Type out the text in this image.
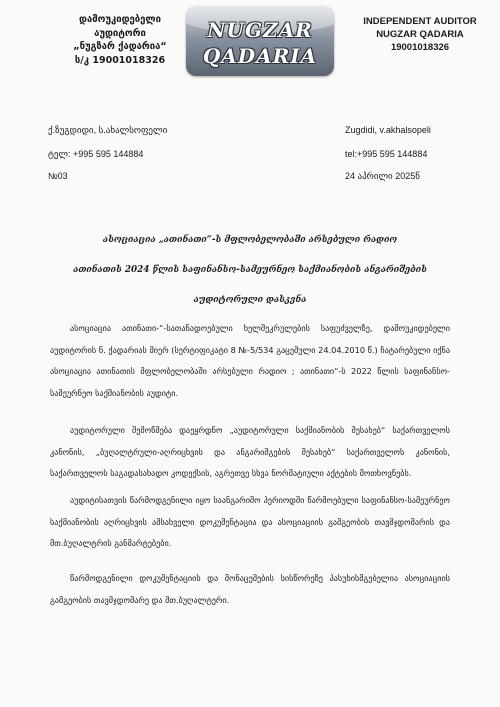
დამოუკიდებელი
აუდიტორი
„ნუგზარ ქადარია“
ს/კ 19001018326
NUGZAR
QADARIA
INDEPENDENT AUDITOR
NUGZAR QADARIA
19001018326
ქ.ზუგდიდი, ს.ახალსოფელი	Zugdidi, v.akhalsopeli
ტელ: +995 595 144884	tel:+995 595 144884
№03	24 აპრილი 2025წ
ასოციაცია „ათინათი“-ს მფლობელობაში არსებული რადიო
ათინათის 2024 წლის საფინანსო-სამეურნეო საქმიანობის ანგარიშების
აუდიტორული დასკვნა
ასოციაცია ათინათი-“-სათანადოებული ხელშეკრულების საფუძველზე, დამოუკიდებელი აუდიტორის ნ. ქადარიას მიერ (სერტიფიკატი 8 №-5/534 გაცემული 24.04.2010 წ.) ჩატარებული იქნა ასოციაცია ათინათის მფლობელობაში არსებული რადიო ; ათინათი“-ს 2022 წლის საფინანსო-სამეურნეო საქმიანობის აუდიტი.
აუდიტორული შემოწმება დაეყრდნო „აუდიტორული საქმიანობის შესახებ“ საქართველოს კანონის, „ბუღალტრული-აღრიცხვის და ანგარიშგების შესახებ“ საქართველოს კანონის, საქართველოს საგადასახადო კოდექსის, აგრეთვე სხვა ნორმატიული აქტების მოთხოვნებს.
აუდიტისათვის წარმოდგენილი იყო საანგარიშო პერიოდში წარმოებული საფინანსო-სამეურნეო საქმიანობის აღრიცხვის ამსახველი დოკუმენტაცია და ასოციაციის გამგეობის თავმჯდომარის და მთ.ბუღალტრის განმარტებები.
წარმოდგენილი დოკუმენტაციის და მონაცემების სისწორეზე პასუხისმგებელია ასოციაციის გამგეობის თავმჯდომარე და მთ.ბუღალტერი.
